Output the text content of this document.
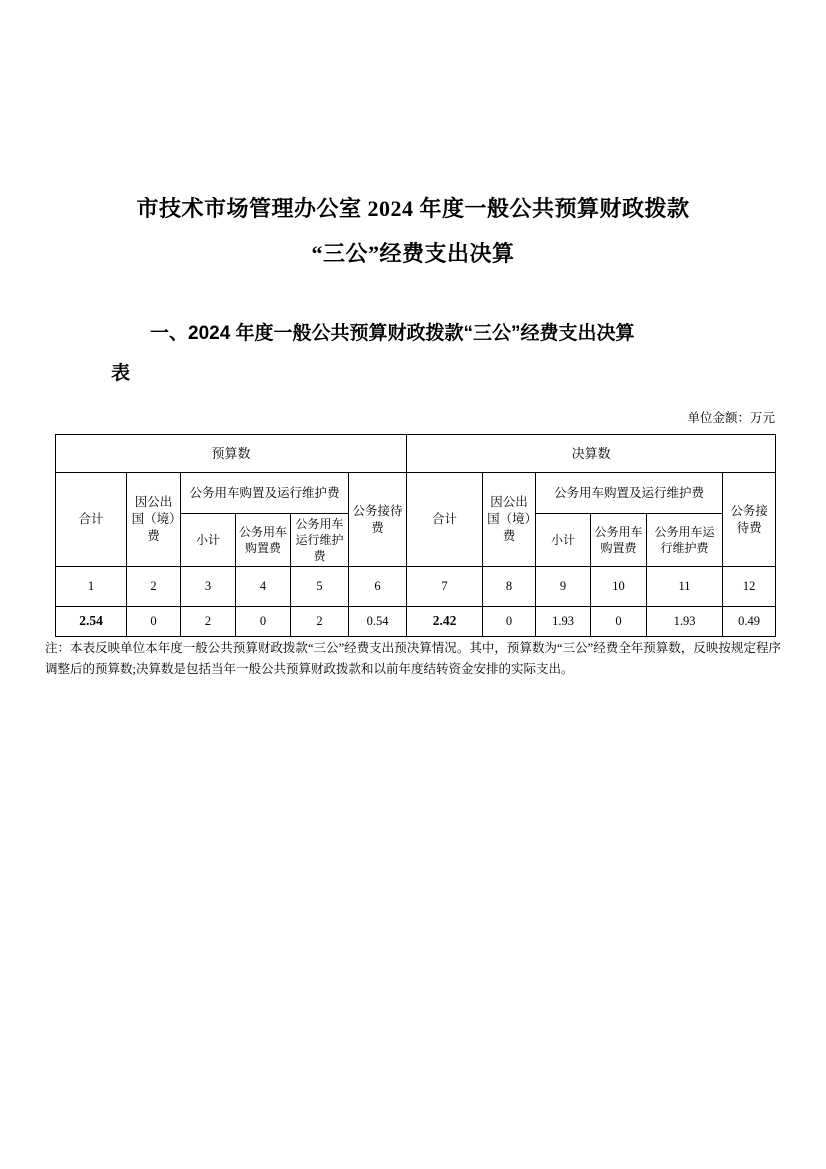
市技术市场管理办公室 2024 年度一般公共预算财政拨款
“三公”经费支出决算
一、2024 年度一般公共预算财政拨款“三公”经费支出决算
表
单位金额：万元
预算数						决算数					
合计	因公出国（境）费	公务用车购置及运行维护费			公务接待费	合计	因公出国（境）费	公务用车购置及运行维护费			公务接待费
		小计	公务用车购置费	公务用车运行维护费				小计	公务用车购置费	公务用车运行维护费	
1	2	3	4	5	6	7	8	9	10	11	12
2.54	0	2	0	2	0.54	2.42	0	1.93	0	1.93	0.49
注：本表反映单位本年度一般公共预算财政拨款“三公”经费支出预决算情况。其中，预算数为“三公”经费全年预算数，反映按规定程序调整后的预算数;决算数是包括当年一般公共预算财政拨款和以前年度结转资金安排的实际支出。
